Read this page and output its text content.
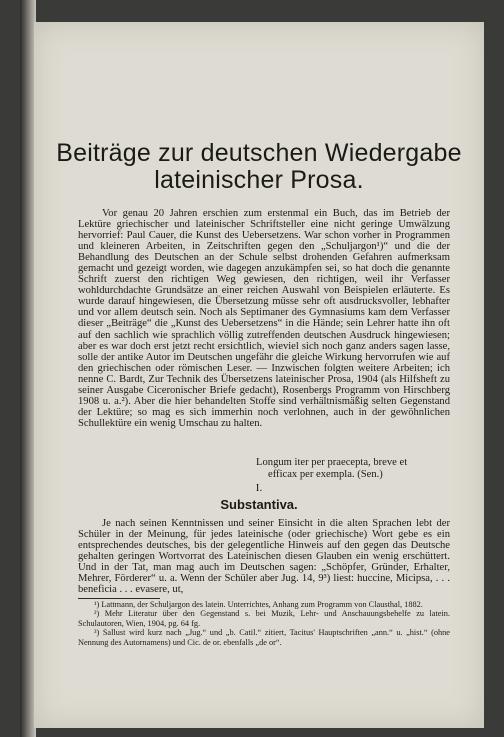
Beiträge zur deutschen Wiedergabe
lateinischer Prosa.

Vor genau 20 Jahren erschien zum erstenmal ein Buch, das im Betrieb der Lektüre griechischer und lateinischer Schriftsteller eine nicht geringe Umwälzung hervorrief: Paul Cauer, die Kunst des Uebersetzens. War schon vorher in Programmen und kleineren Arbeiten, in Zeitschriften gegen den „Schuljargon¹)“ und die der Behandlung des Deutschen an der Schule selbst drohenden Gefahren aufmerksam gemacht und gezeigt worden, wie dagegen anzukämpfen sei, so hat doch die genannte Schrift zuerst den richtigen Weg gewiesen, den richtigen, weil ihr Verfasser wohldurchdachte Grundsätze an einer reichen Auswahl von Beispielen erläuterte. Es wurde darauf hingewiesen, die Übersetzung müsse sehr oft ausdrucksvoller, lebhafter und vor allem deutsch sein. Noch als Septimaner des Gymnasiums kam dem Verfasser dieser „Beiträge“ die „Kunst des Uebersetzens“ in die Hände; sein Lehrer hatte ihn oft auf den sachlich wie sprachlich völlig zutreffenden deutschen Ausdruck hingewiesen; aber es war doch erst jetzt recht ersichtlich, wieviel sich noch ganz anders sagen lasse, solle der antike Autor im Deutschen ungefähr die gleiche Wirkung hervorrufen wie auf den griechischen oder römischen Leser. — Inzwischen folgten weitere Arbeiten; ich nenne C. Bardt, Zur Technik des Übersetzens lateinischer Prosa, 1904 (als Hilfsheft zu seiner Ausgabe Ciceronischer Briefe gedacht), Rosenbergs Programm von Hirschberg 1908 u. a.²). Aber die hier behandelten Stoffe sind verhältnismäßig selten Gegenstand der Lektüre; so mag es sich immerhin noch verlohnen, auch in der gewöhnlichen Schullektüre ein wenig Umschau zu halten.

Longum iter per praecepta, breve et
efficax per exempla. (Sen.)
I.
Substantiva.

Je nach seinen Kenntnissen und seiner Einsicht in die alten Sprachen lebt der Schüler in der Meinung, für jedes lateinische (oder griechische) Wort gebe es ein entsprechendes deutsches, bis der gelegentliche Hinweis auf den gegen das Deutsche gehalten geringen Wortvorrat des Lateinischen diesen Glauben ein wenig erschüttert. Und in der Tat, man mag auch im Deutschen sagen: „Schöpfer, Gründer, Erhalter, Mehrer, Förderer“ u. a. Wenn der Schüler aber Jug. 14, 9³) liest: huccine, Micipsa, . . . beneficia . . . evasere, ut,

¹) Lattmann, der Schuljargon des latein. Unterrichtes, Anhang zum Programm von Clausthal, 1882.

²) Mehr Literatur über den Gegenstand s. bei Muzik, Lehr- und Anschauungsbehelfe zu latein. Schulautoren, Wien, 1904, pg. 64 fg.

³) Sallust wird kurz nach „Jug.“ und „b. Catil.“ zitiert, Tacitus' Hauptschriften „ann.“ u. „hist.“ (ohne Nennung des Autornamens) und Cic. de or. ebenfalls „de or“.
